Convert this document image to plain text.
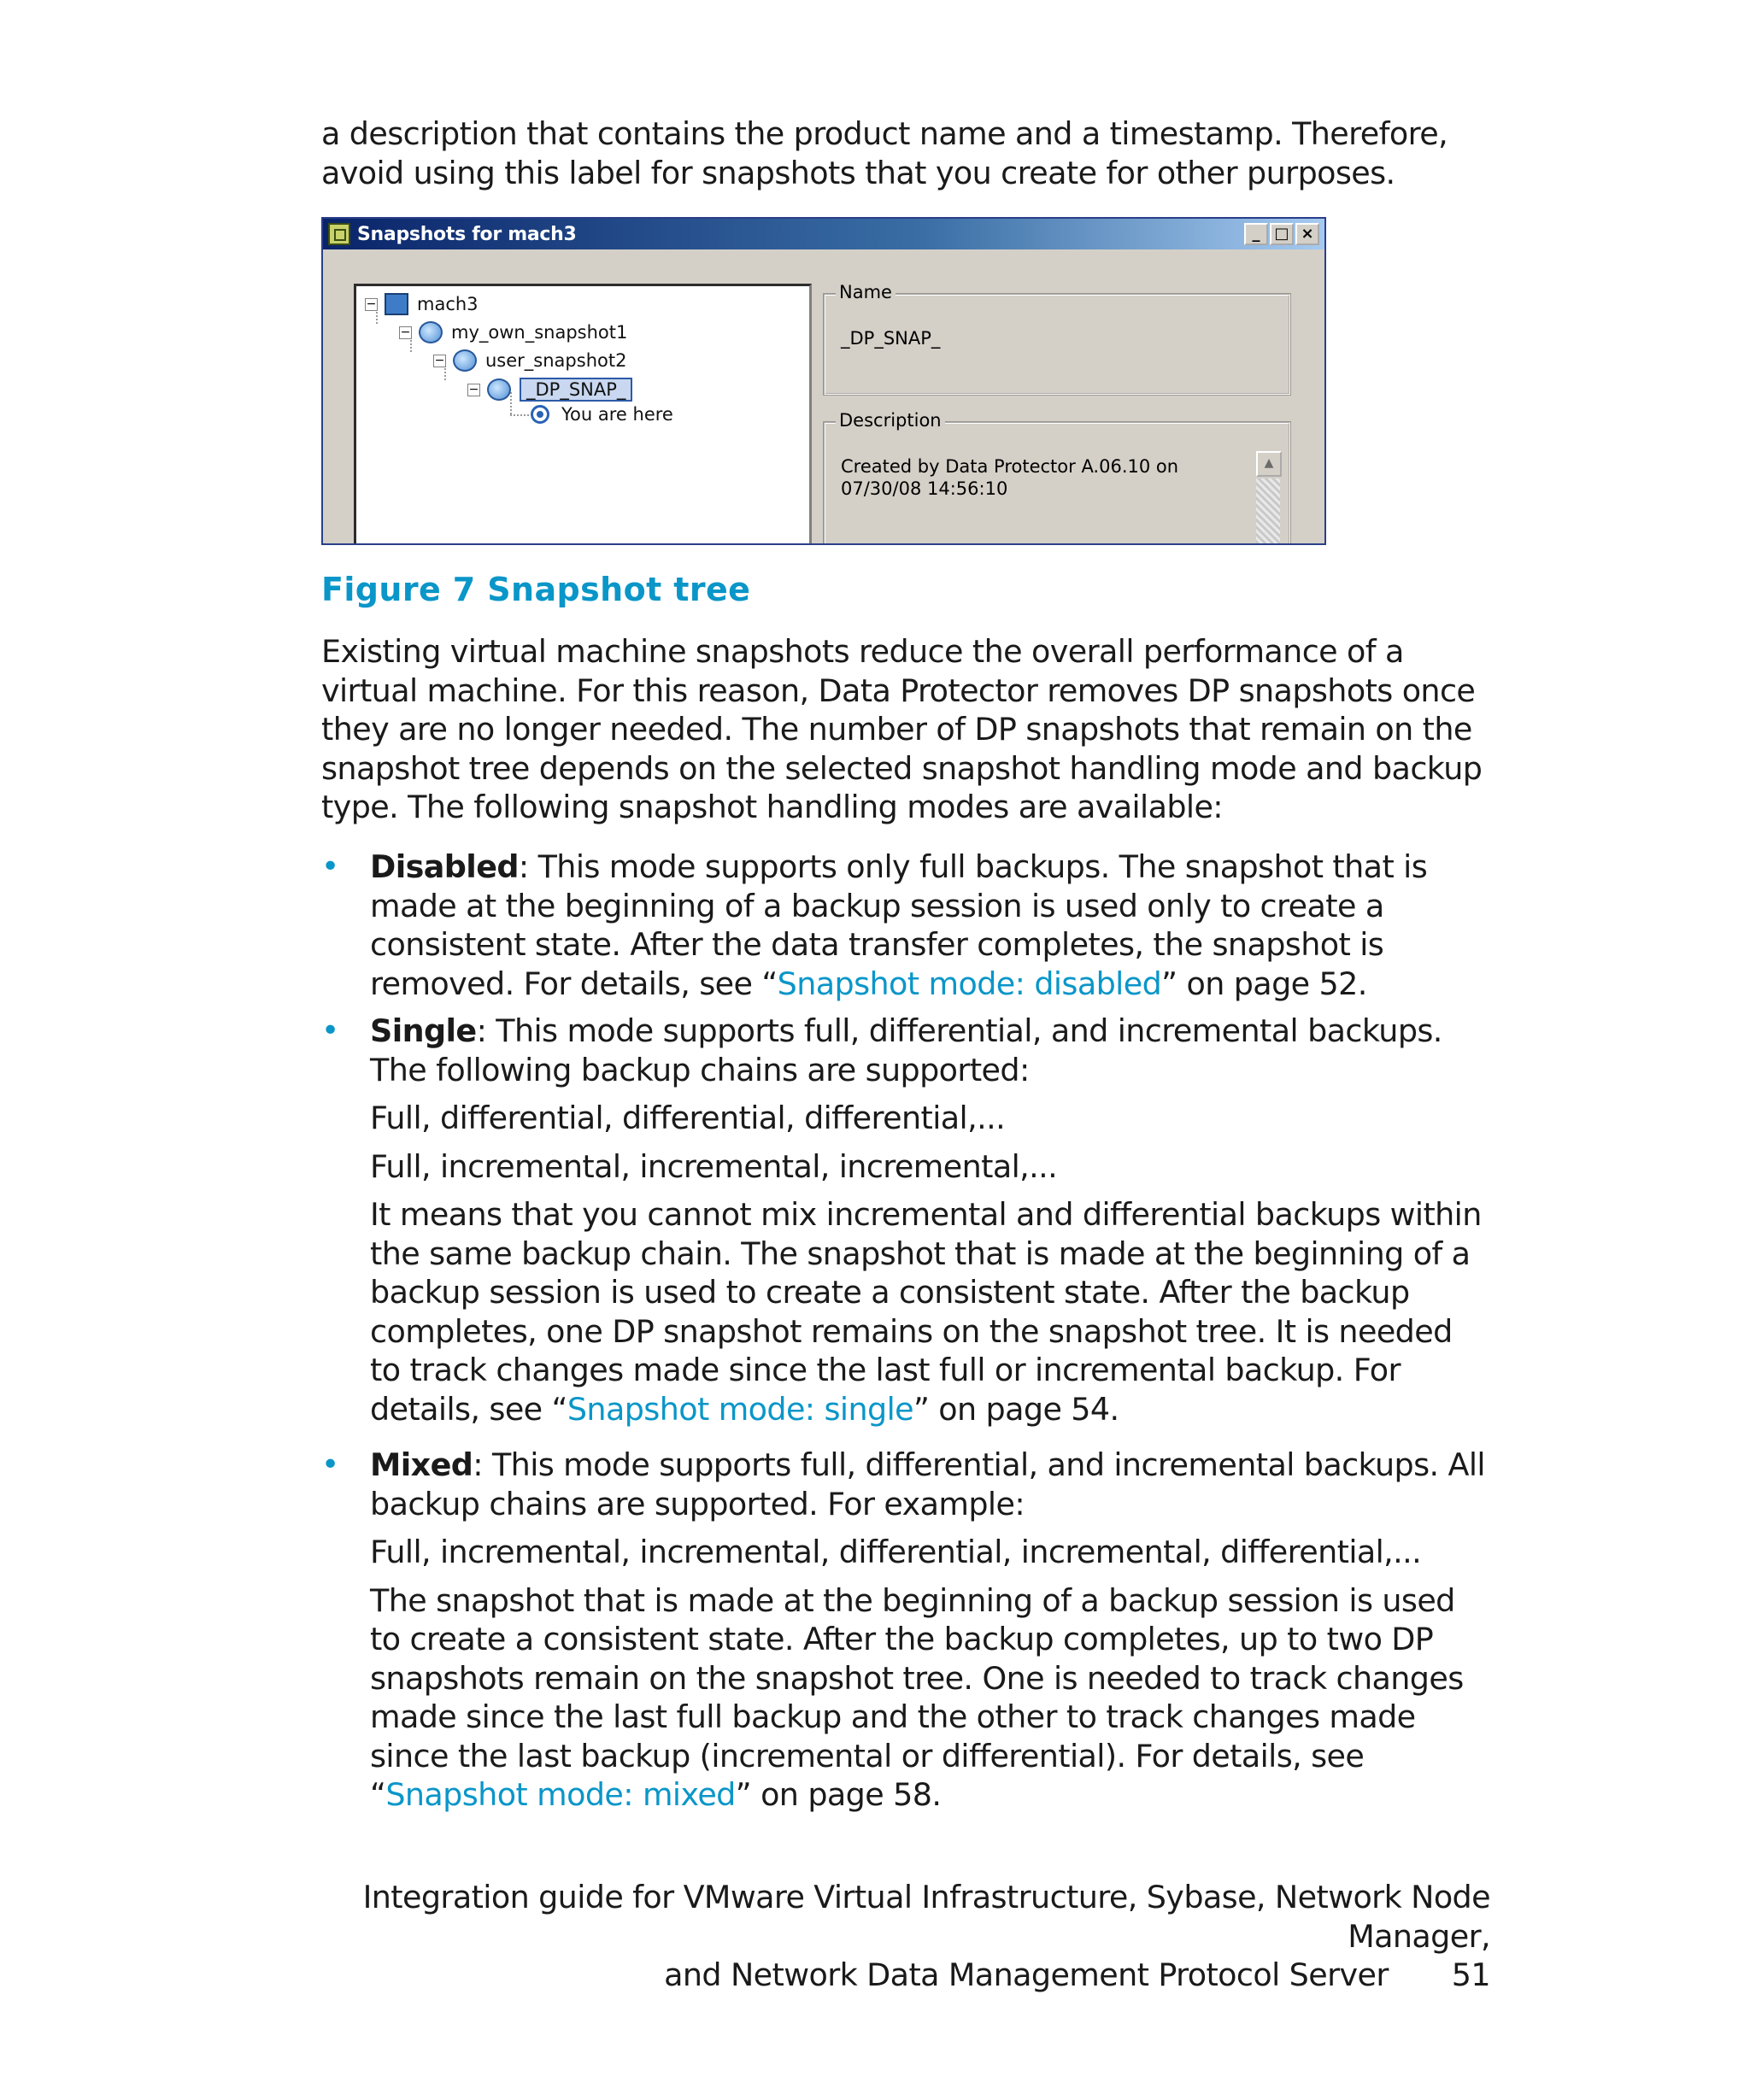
a description that contains the product name and a timestamp. Therefore, avoid using this label for snapshots that you create for other purposes.

Snapshots for mach3	_ □ ×
− mach3
− my_own_snapshot1
− user_snapshot2
−	_DP_SNAP_
You are here
Name
_DP_SNAP_
Description
Created by Data Protector A.06.10 on
07/30/08 14:56:10
▲
Figure 7 Snapshot tree

Existing virtual machine snapshots reduce the overall performance of a virtual machine. For this reason, Data Protector removes DP snapshots once they are no longer needed. The number of DP snapshots that remain on the snapshot tree depends on the selected snapshot handling mode and backup type. The following snapshot handling modes are available:

• Disabled: This mode supports only full backups. The snapshot that is made at the beginning of a backup session is used only to create a consistent state. After the data transfer completes, the snapshot is removed. For details, see “Snapshot mode: disabled” on page 52.

• Single: This mode supports full, differential, and incremental backups. The following backup chains are supported:

Full, differential, differential, differential,...

Full, incremental, incremental, incremental,...

It means that you cannot mix incremental and differential backups within the same backup chain. The snapshot that is made at the beginning of a backup session is used to create a consistent state. After the backup completes, one DP snapshot remains on the snapshot tree. It is needed to track changes made since the last full or incremental backup. For details, see “Snapshot mode: single” on page 54.

• Mixed: This mode supports full, differential, and incremental backups. All backup chains are supported. For example:

Full, incremental, incremental, differential, incremental, differential,...

The snapshot that is made at the beginning of a backup session is used to create a consistent state. After the backup completes, up to two DP snapshots remain on the snapshot tree. One is needed to track changes made since the last full backup and the other to track changes made since the last backup (incremental or differential). For details, see “Snapshot mode: mixed” on page 58.

Integration guide for VMware Virtual Infrastructure, Sybase, Network Node Manager,
and Network Data Management Protocol Server 51
